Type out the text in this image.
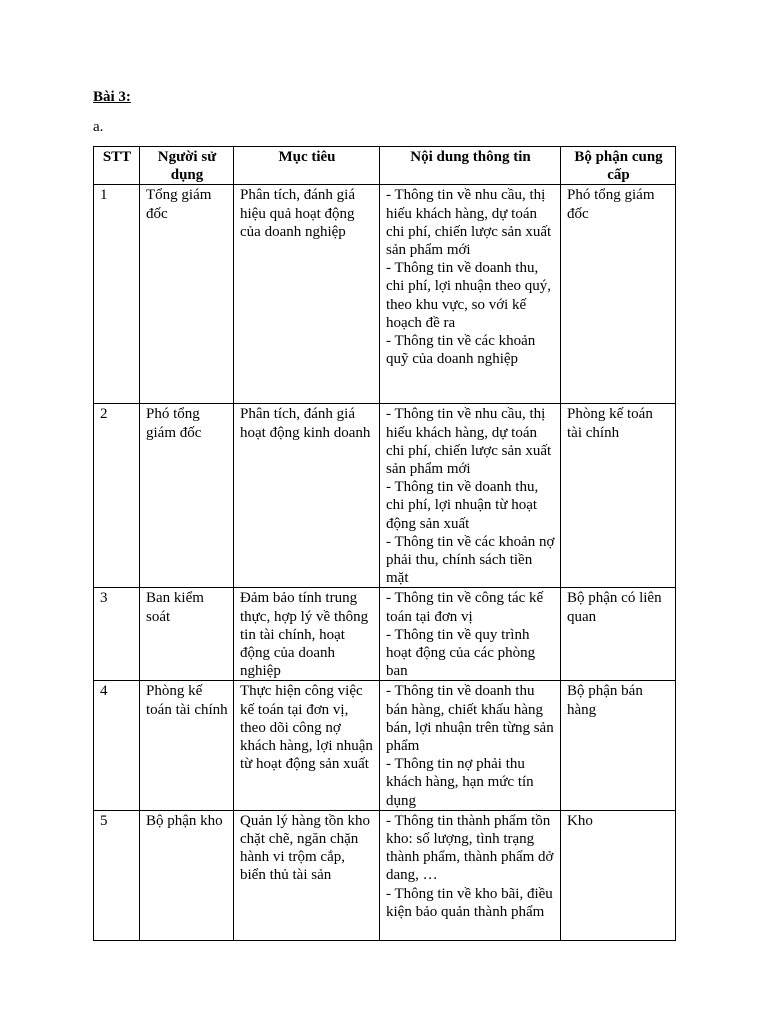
Bài 3:
a.
STT	Người sử dụng	Mục tiêu	Nội dung thông tin	Bộ phận cung cấp
1	Tổng giám đốc	Phân tích, đánh giá hiệu quả hoạt động của doanh nghiệp	- Thông tin về nhu cầu, thị hiếu khách hàng, dự toán chi phí, chiến lược sản xuất sản phẩm mới
- Thông tin về doanh thu, chi phí, lợi nhuận theo quý, theo khu vực, so với kế hoạch đề ra
- Thông tin về các khoản quỹ của doanh nghiệp	Phó tổng giám đốc
2	Phó tổng giám đốc	Phân tích, đánh giá hoạt động kinh doanh	- Thông tin về nhu cầu, thị hiếu khách hàng, dự toán chi phí, chiến lược sản xuất sản phẩm mới
- Thông tin về doanh thu, chi phí, lợi nhuận từ hoạt động sản xuất
- Thông tin về các khoản nợ phải thu, chính sách tiền mặt	Phòng kế toán tài chính
3	Ban kiểm soát	Đảm bảo tính trung thực, hợp lý về thông tin tài chính, hoạt động của doanh nghiệp	- Thông tin về công tác kế toán tại đơn vị
- Thông tin về quy trình hoạt động của các phòng ban	Bộ phận có liên quan
4	Phòng kế toán tài chính	Thực hiện công việc kế toán tại đơn vị, theo dõi công nợ khách hàng, lợi nhuận từ hoạt động sản xuất	- Thông tin về doanh thu bán hàng, chiết khấu hàng bán, lợi nhuận trên từng sản phẩm
- Thông tin nợ phải thu khách hàng, hạn mức tín dụng	Bộ phận bán hàng
5	Bộ phận kho	Quản lý hàng tồn kho chặt chẽ, ngăn chặn hành vi trộm cắp, biển thủ tài sản	- Thông tin thành phẩm tồn kho: số lượng, tình trạng thành phẩm, thành phẩm dở dang, …
- Thông tin về kho bãi, điều kiện bảo quản thành phẩm	Kho
